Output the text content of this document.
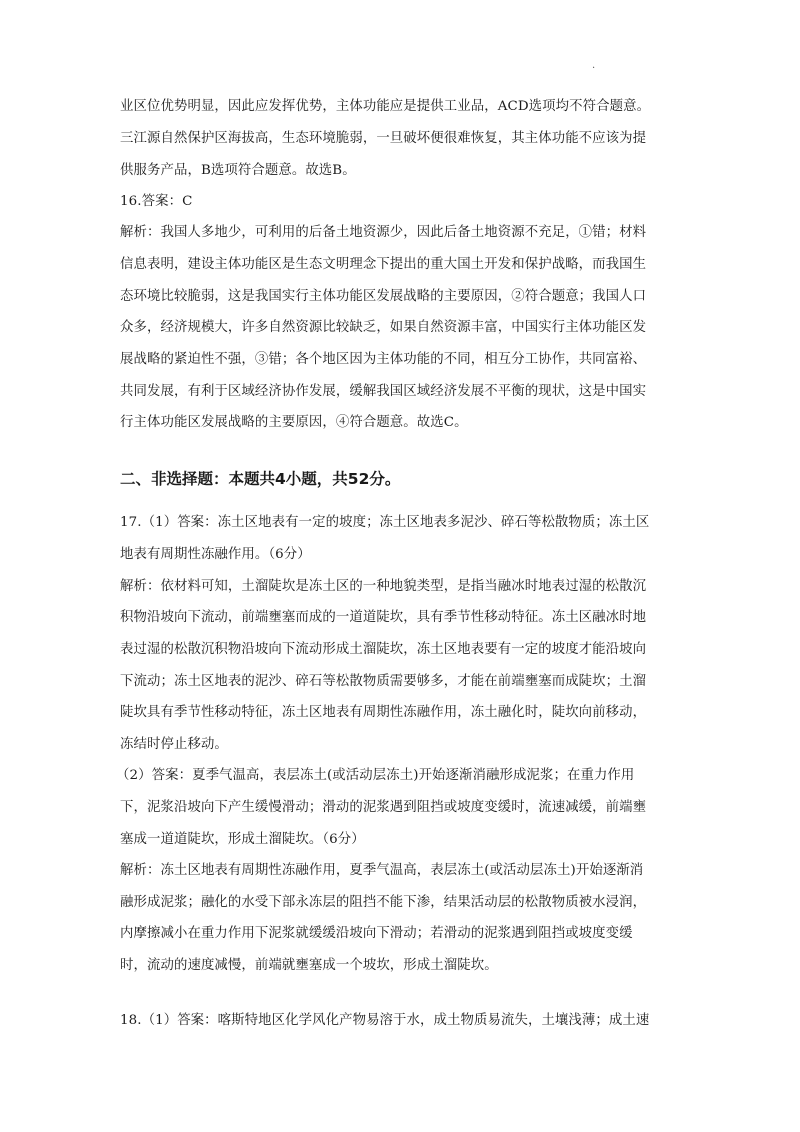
.
业区位优势明显，因此应发挥优势，主体功能应是提供工业品，ACD选项均不符合题意。
三江源自然保护区海拔高，生态环境脆弱，一旦破坏便很难恢复，其主体功能不应该为提
供服务产品，B选项符合题意。故选B。
16.答案：C
解析：我国人多地少，可利用的后备土地资源少，因此后备土地资源不充足，①错；材料
信息表明，建设主体功能区是生态文明理念下提出的重大国土开发和保护战略，而我国生
态环境比较脆弱，这是我国实行主体功能区发展战略的主要原因，②符合题意；我国人口
众多，经济规模大，许多自然资源比较缺乏，如果自然资源丰富，中国实行主体功能区发
展战略的紧迫性不强，③错；各个地区因为主体功能的不同，相互分工协作，共同富裕、
共同发展，有利于区域经济协作发展，缓解我国区域经济发展不平衡的现状，这是中国实
行主体功能区发展战略的主要原因，④符合题意。故选C。
二、非选择题：本题共4小题，共52分。
17.（1）答案：冻土区地表有一定的坡度；冻土区地表多泥沙、碎石等松散物质；冻土区
地表有周期性冻融作用。（6分）
解析：依材料可知，土溜陡坎是冻土区的一种地貌类型，是指当融冰时地表过湿的松散沉
积物沿坡向下流动，前端壅塞而成的一道道陡坎，具有季节性移动特征。冻土区融冰时地
表过湿的松散沉积物沿坡向下流动形成土溜陡坎，冻土区地表要有一定的坡度才能沿坡向
下流动；冻土区地表的泥沙、碎石等松散物质需要够多，才能在前端壅塞而成陡坎；土溜
陡坎具有季节性移动特征，冻土区地表有周期性冻融作用，冻土融化时，陡坎向前移动，
冻结时停止移动。
（2）答案：夏季气温高，表层冻土(或活动层冻土)开始逐渐消融形成泥浆；在重力作用
下，泥浆沿坡向下产生缓慢滑动；滑动的泥浆遇到阻挡或坡度变缓时，流速减缓，前端壅
塞成一道道陡坎，形成土溜陡坎。（6分）
解析：冻土区地表有周期性冻融作用，夏季气温高，表层冻土(或活动层冻土)开始逐渐消
融形成泥浆；融化的水受下部永冻层的阻挡不能下渗，结果活动层的松散物质被水浸润，
内摩擦减小在重力作用下泥浆就缓缓沿坡向下滑动；若滑动的泥浆遇到阻挡或坡度变缓
时，流动的速度减慢，前端就壅塞成一个坡坎，形成土溜陡坎。
18.（1）答案：喀斯特地区化学风化产物易溶于水，成土物质易流失，土壤浅薄；成土速
